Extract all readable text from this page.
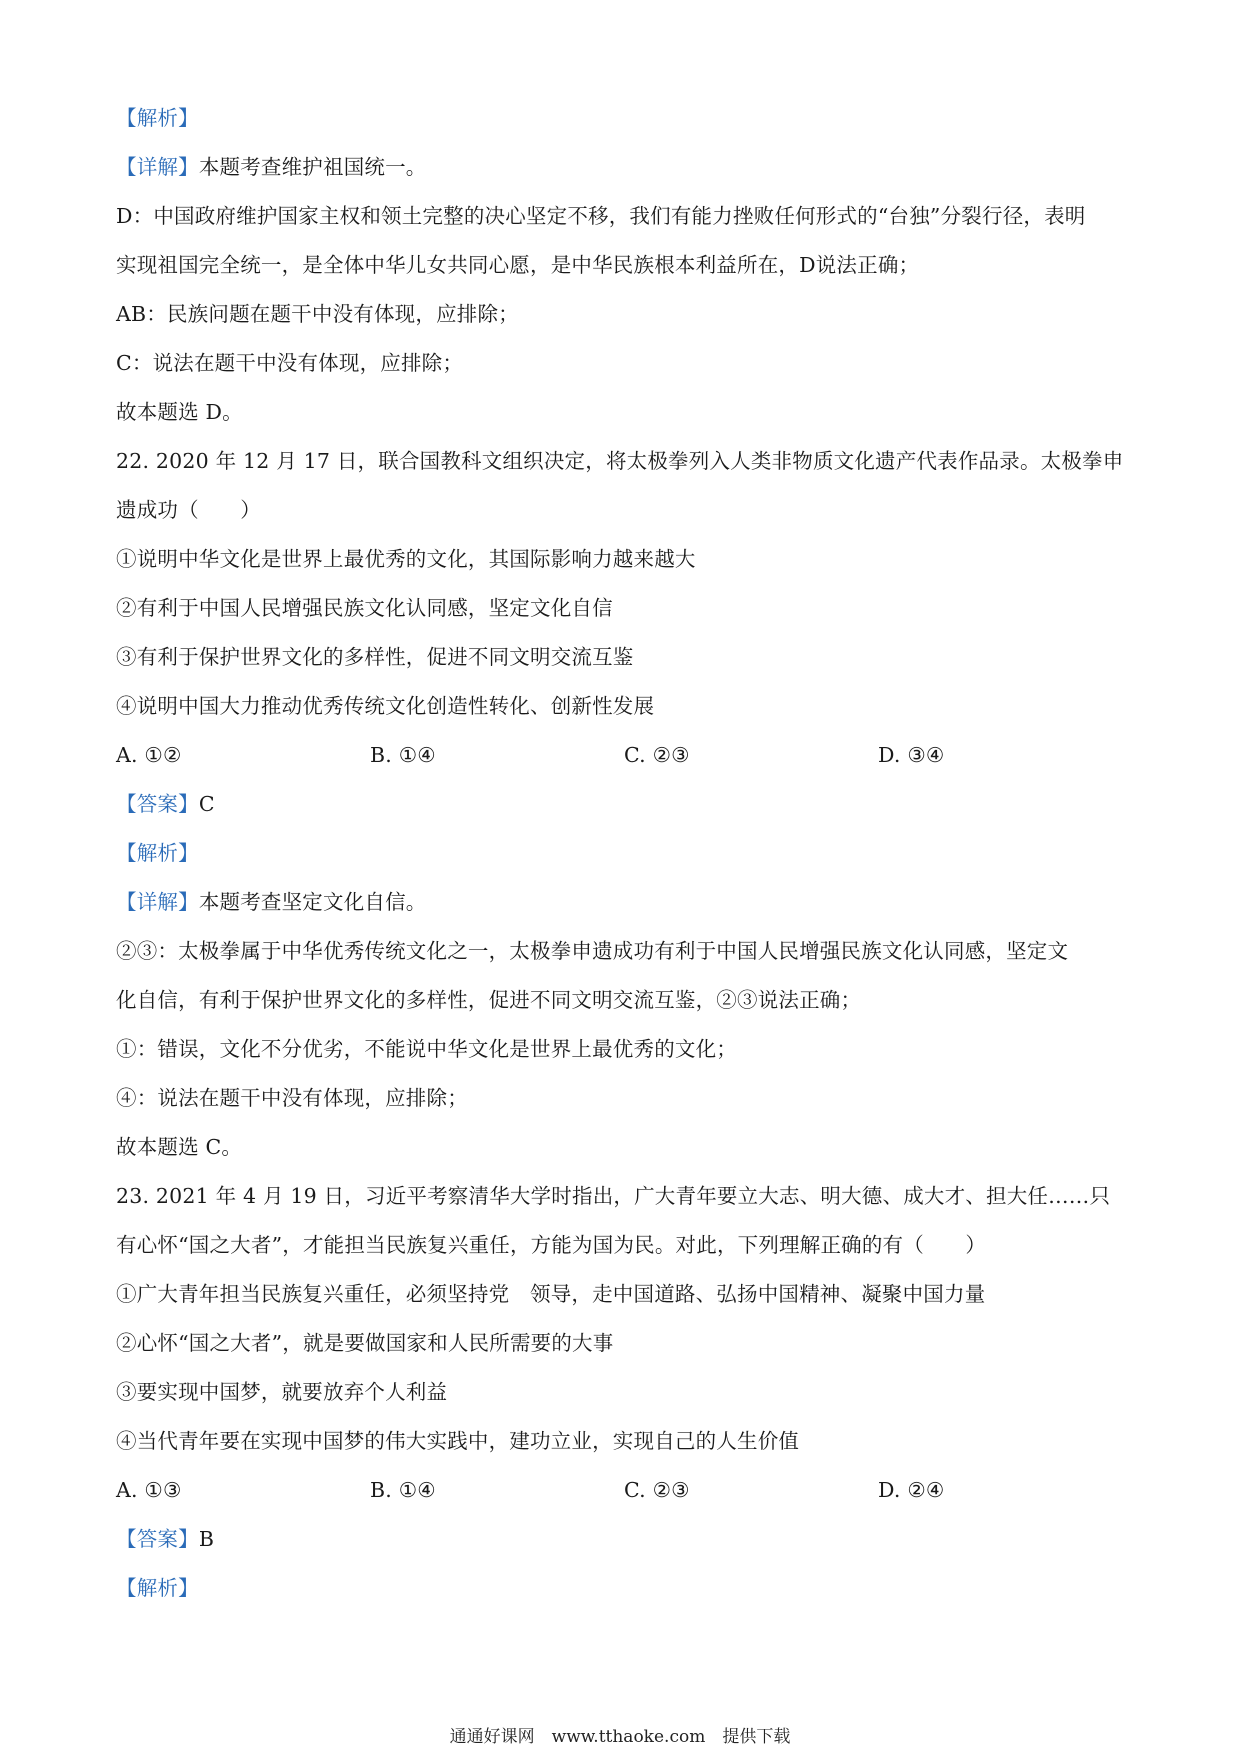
【解析】
【详解】本题考查维护祖国统一。
D：中国政府维护国家主权和领土完整的决心坚定不移，我们有能力挫败任何形式的“台独”分裂行径，表明
实现祖国完全统一，是全体中华儿女共同心愿，是中华民族根本利益所在，D说法正确；
AB：民族问题在题干中没有体现，应排除；
C：说法在题干中没有体现，应排除；
故本题选 D。
22. 2020 年 12 月 17 日，联合国教科文组织决定，将太极拳列入人类非物质文化遗产代表作品录。太极拳申
遗成功（　　）
①说明中华文化是世界上最优秀的文化，其国际影响力越来越大
②有利于中国人民增强民族文化认同感，坚定文化自信
③有利于保护世界文化的多样性，促进不同文明交流互鉴
④说明中国大力推动优秀传统文化创造性转化、创新性发展
A. ①②	B. ①④	C. ②③	D. ③④
【答案】C
【解析】
【详解】本题考查坚定文化自信。
②③：太极拳属于中华优秀传统文化之一，太极拳申遗成功有利于中国人民增强民族文化认同感，坚定文
化自信，有利于保护世界文化的多样性，促进不同文明交流互鉴，②③说法正确；
①：错误，文化不分优劣，不能说中华文化是世界上最优秀的文化；
④：说法在题干中没有体现，应排除；
故本题选 C。
23. 2021 年 4 月 19 日，习近平考察清华大学时指出，广大青年要立大志、明大德、成大才、担大任……只
有心怀“国之大者”，才能担当民族复兴重任，方能为国为民。对此，下列理解正确的有（　　）
①广大青年担当民族复兴重任，必须坚持党　领导，走中国道路、弘扬中国精神、凝聚中国力量
②心怀“国之大者”，就是要做国家和人民所需要的大事
③要实现中国梦，就要放弃个人利益
④当代青年要在实现中国梦的伟大实践中，建功立业，实现自己的人生价值
A. ①③	B. ①④	C. ②③	D. ②④
【答案】B
【解析】
通通好课网　www.tthaoke.com　提供下载
